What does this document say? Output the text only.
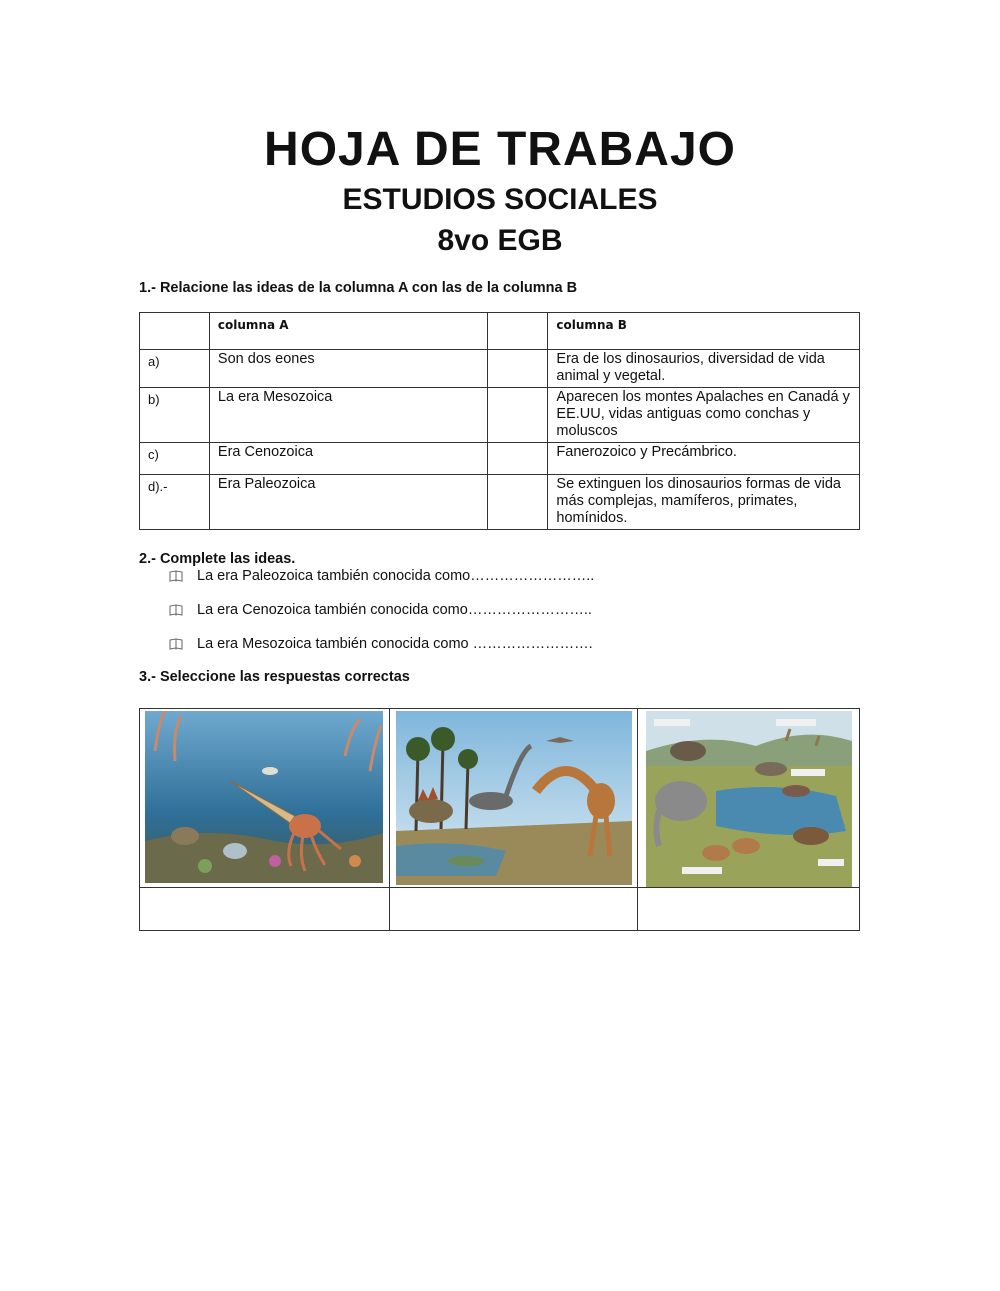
HOJA DE TRABAJO
ESTUDIOS SOCIALES
8vo EGB
1.- Relacione las ideas de la columna A con las de la columna B
	columna A		columna B
a)	Son dos eones		Era de los dinosaurios, diversidad de vida animal y vegetal.
b)	La era Mesozoica		Aparecen los montes Apalaches en Canadá y EE.UU, vidas antiguas como conchas y moluscos
c)	Era Cenozoica		Fanerozoico y Precámbrico.
d).-	Era Paleozoica		Se extinguen los dinosaurios formas de vida más complejas, mamíferos, primates, homínidos.
2.- Complete las ideas.
La era Paleozoica también conocida como……………………..
La era Cenozoica también conocida como……………………..
La era Mesozoica también conocida como …………………….
3.- Seleccione las respuestas correctas
